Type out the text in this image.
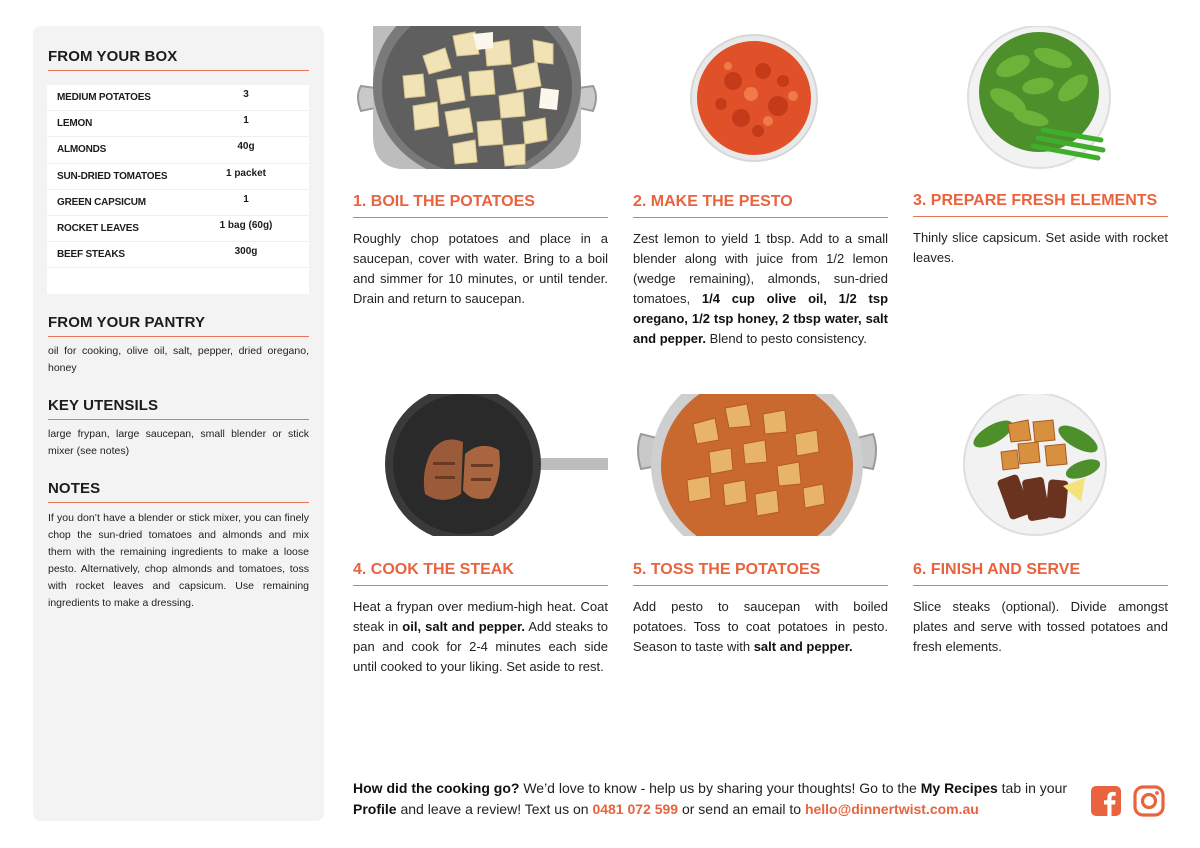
FROM YOUR BOX
MEDIUM POTATOES	3
LEMON	1
ALMONDS	40g
SUN-DRIED TOMATOES	1 packet
GREEN CAPSICUM	1
ROCKET LEAVES	1 bag (60g)
BEEF STEAKS	300g
FROM YOUR PANTRY
oil for cooking, olive oil, salt, pepper, dried oregano, honey
KEY UTENSILS
large frypan, large saucepan, small blender or stick mixer (see notes)
NOTES
If you don’t have a blender or stick mixer, you can finely chop the sun-dried tomatoes and almonds and mix them with the remaining ingredients to make a loose pesto. Alternatively, chop almonds and tomatoes, toss with rocket leaves and capsicum. Use remaining ingredients to make a dressing.
1. BOIL THE POTATOES
Roughly chop potatoes and place in a saucepan, cover with water. Bring to a boil and simmer for 10 minutes, or until tender. Drain and return to saucepan.
2. MAKE THE PESTO
Zest lemon to yield 1 tbsp. Add to a small blender along with juice from 1/2 lemon (wedge remaining), almonds, sun-dried tomatoes, 1/4 cup olive oil, 1/2 tsp oregano, 1/2 tsp honey, 2 tbsp water, salt and pepper. Blend to pesto consistency.
3. PREPARE FRESH ELEMENTS
Thinly slice capsicum. Set aside with rocket leaves.
4. COOK THE STEAK
Heat a frypan over medium-high heat. Coat steak in oil, salt and pepper. Add steaks to pan and cook for 2-4 minutes each side until cooked to your liking. Set aside to rest.
5. TOSS THE POTATOES
Add pesto to saucepan with boiled potatoes. Toss to coat potatoes in pesto. Season to taste with salt and pepper.
6. FINISH AND SERVE
Slice steaks (optional). Divide amongst plates and serve with tossed potatoes and fresh elements.
How did the cooking go? We’d love to know - help us by sharing your thoughts! Go to the My Recipes tab in your Profile and leave a review! Text us on 0481 072 599 or send an email to hello@dinnertwist.com.au
